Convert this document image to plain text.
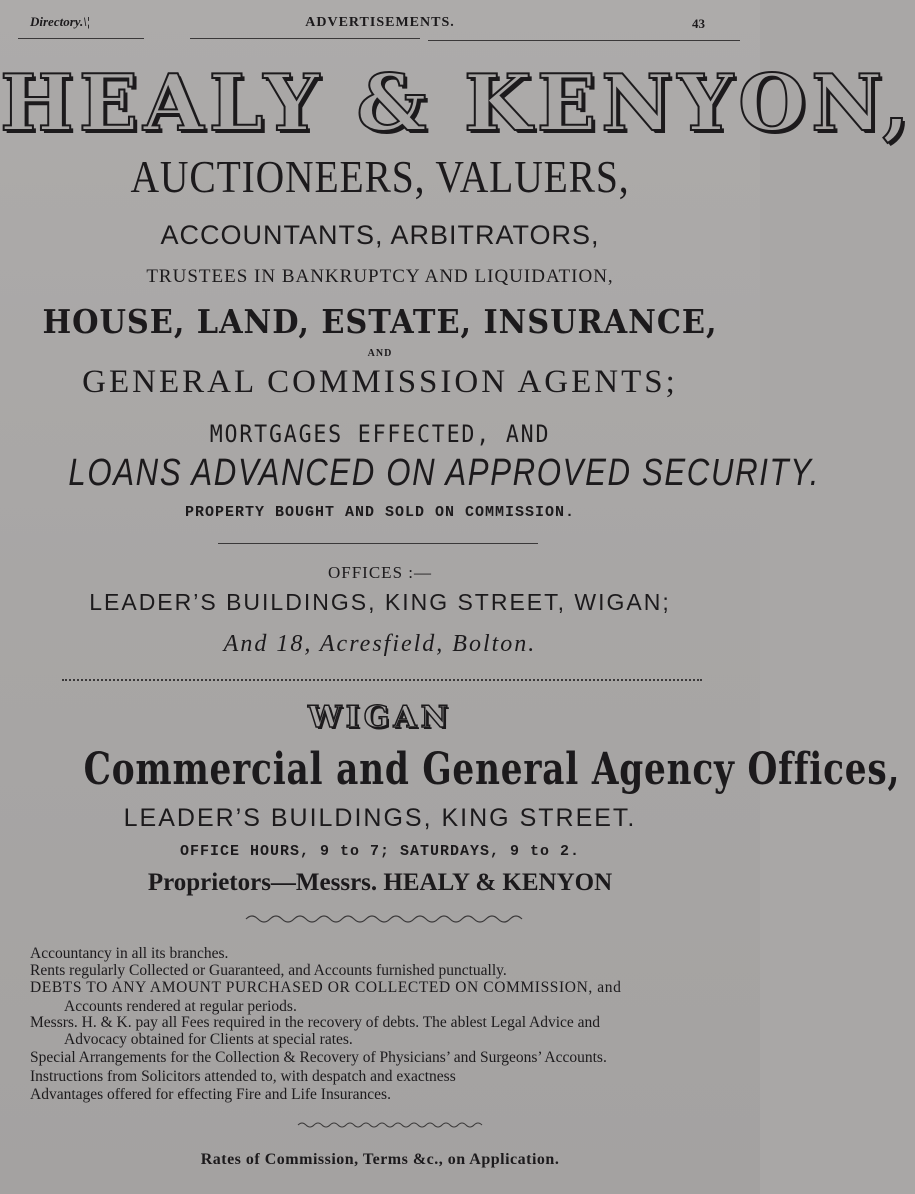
Directory.\¦	ADVERTISEMENTS.	43
HEALY & KENYON,
AUCTIONEERS, VALUERS,
ACCOUNTANTS, ARBITRATORS,
TRUSTEES IN BANKRUPTCY AND LIQUIDATION,
HOUSE, LAND, ESTATE, INSURANCE,
AND
GENERAL COMMISSION AGENTS;
MORTGAGES EFFECTED, AND
LOANS ADVANCED ON APPROVED SECURITY.
PROPERTY BOUGHT AND SOLD ON COMMISSION.
OFFICES :—
LEADER’S BUILDINGS, KING STREET, WIGAN;
And 18, Acresfield, Bolton.
WIGAN
Commercial and General Agency Offices,
LEADER’S BUILDINGS, KING STREET.
OFFICE HOURS, 9 to 7; SATURDAYS, 9 to 2.
Proprietors—Messrs. HEALY & KENYON
Accountancy in all its branches.
Rents regularly Collected or Guaranteed, and Accounts furnished punctually.
DEBTS TO ANY AMOUNT PURCHASED OR COLLECTED ON COMMISSION, and
Accounts rendered at regular periods.
Messrs. H. & K. pay all Fees required in the recovery of debts. The ablest Legal Advice and
Advocacy obtained for Clients at special rates.
Special Arrangements for the Collection & Recovery of Physicians’ and Surgeons’ Accounts.
Instructions from Solicitors attended to, with despatch and exactness
Advantages offered for effecting Fire and Life Insurances.
Rates of Commission, Terms &c., on Application.
